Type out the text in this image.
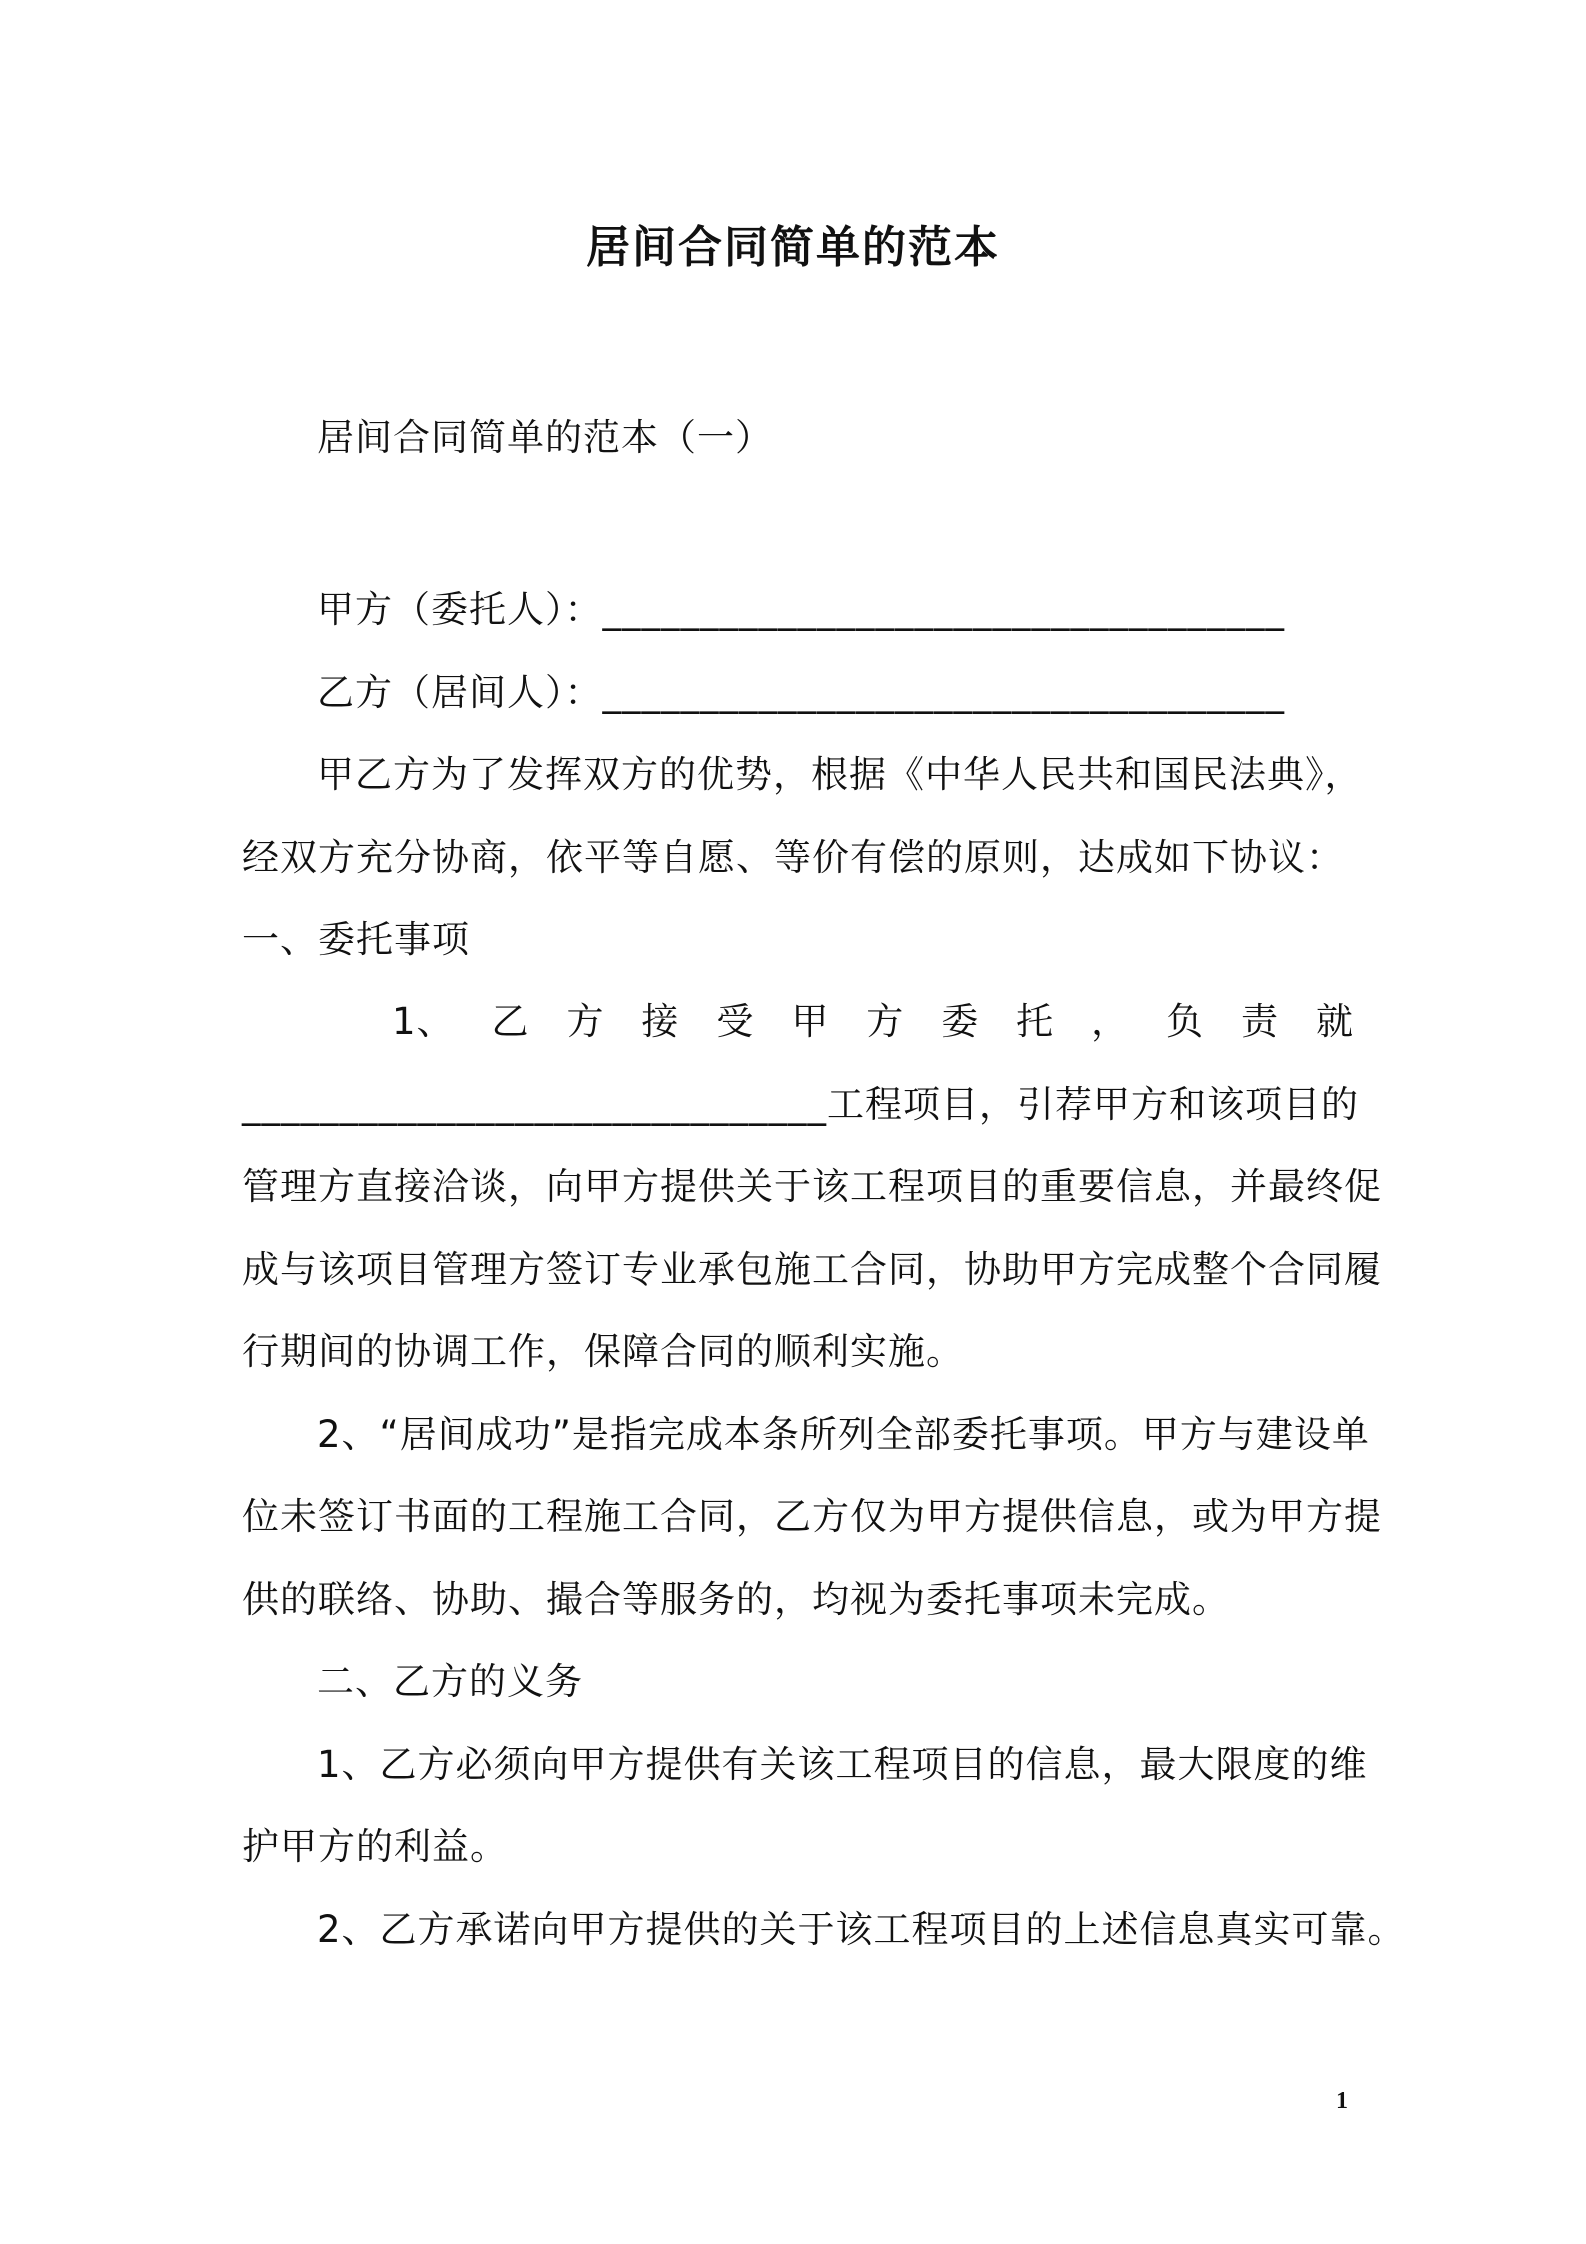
居间合同简单的范本
居间合同简单的范本（一）
甲方（委托人）：___________________________________
乙方（居间人）：___________________________________
甲乙方为了发挥双方的优势，根据《中华人民共和国民法典》，
经双方充分协商，依平等自愿、等价有偿的原则，达成如下协议：
一、委托事项
1、 乙 方 接 受 甲 方 委 托 ， 负 责 就
______________________________工程项目，引荐甲方和该项目的
管理方直接洽谈，向甲方提供关于该工程项目的重要信息，并最终促
成与该项目管理方签订专业承包施工合同，协助甲方完成整个合同履
行期间的协调工作，保障合同的顺利实施。
2、“居间成功”是指完成本条所列全部委托事项。甲方与建设单
位未签订书面的工程施工合同，乙方仅为甲方提供信息，或为甲方提
供的联络、协助、撮合等服务的，均视为委托事项未完成。
二、乙方的义务
1、乙方必须向甲方提供有关该工程项目的信息，最大限度的维
护甲方的利益。
2、乙方承诺向甲方提供的关于该工程项目的上述信息真实可靠。
1
